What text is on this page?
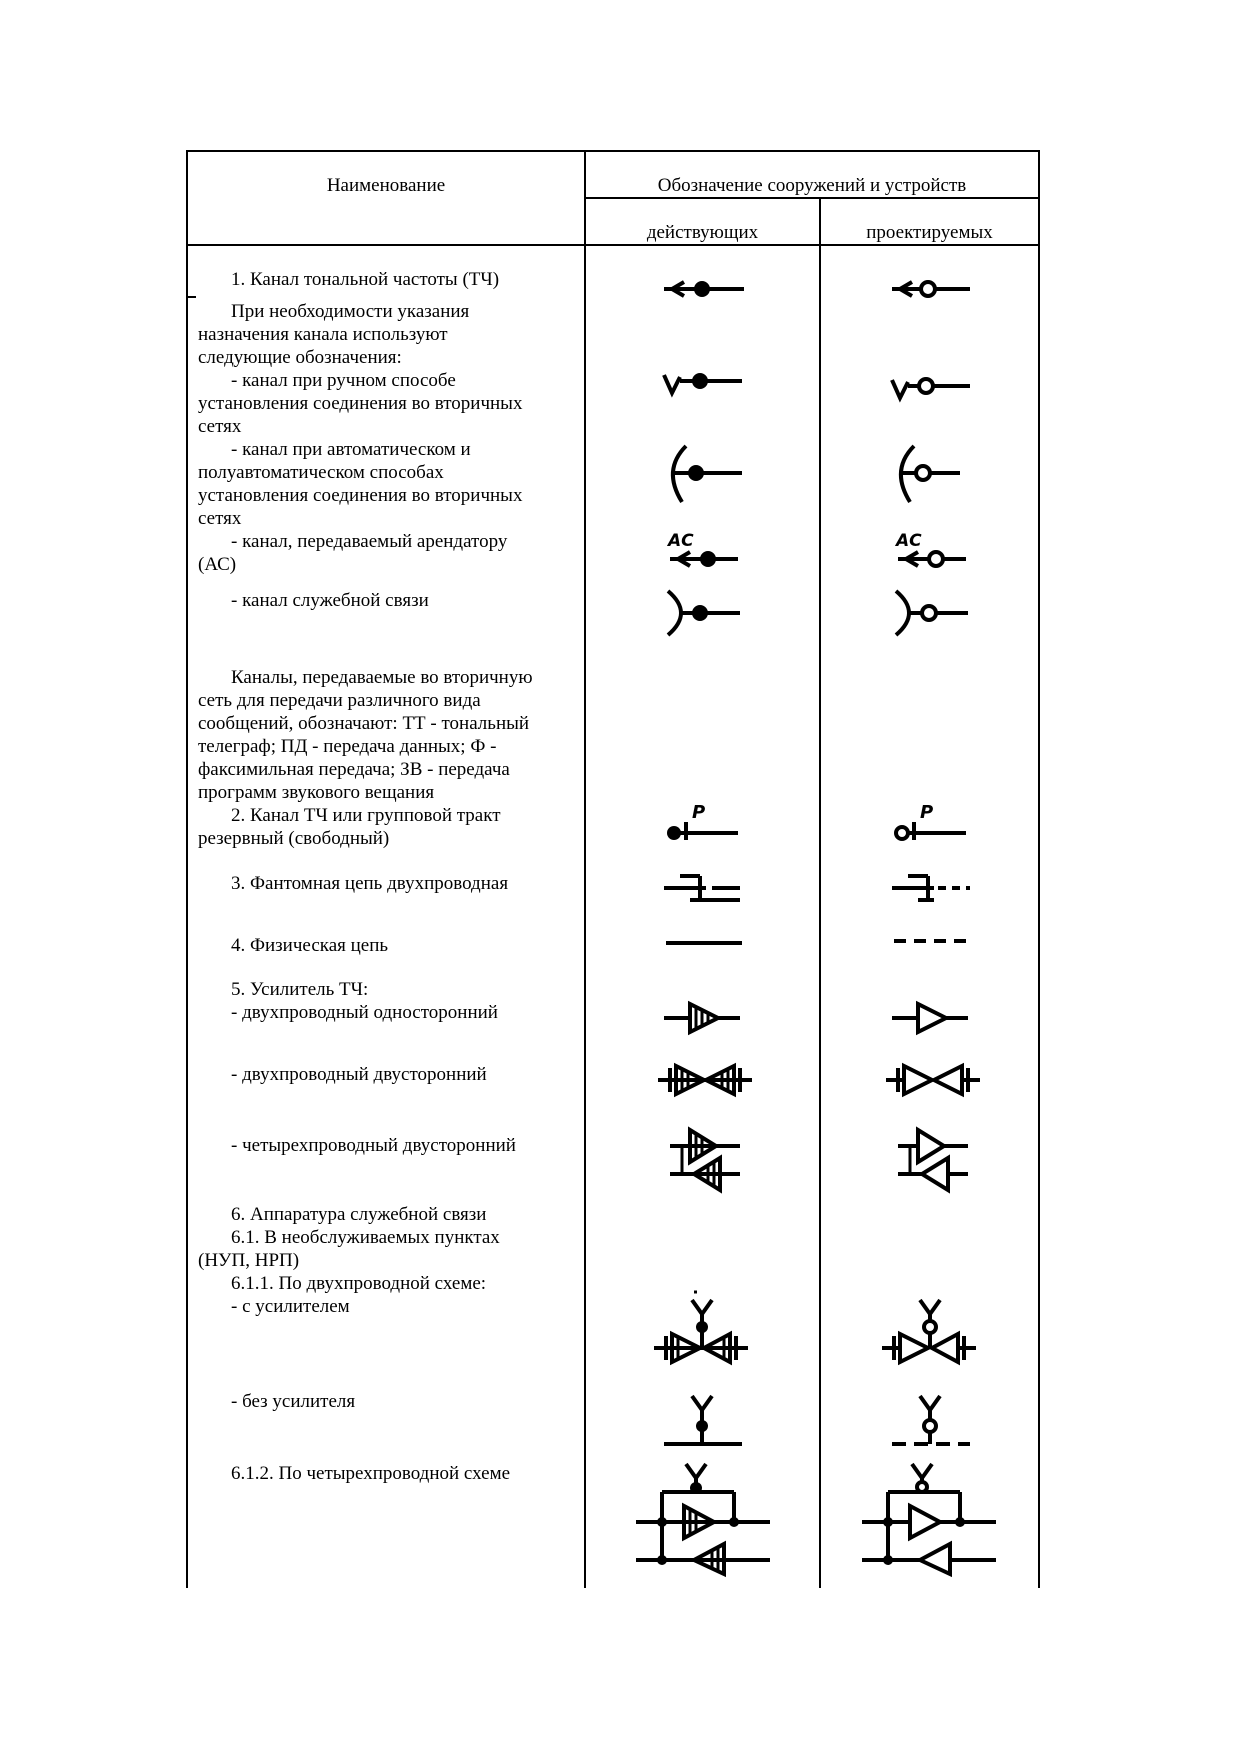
Наименование	Обозначение сооружений и устройств
действующих	проектируемых
1. Канал тональной частоты (ТЧ)
При необходимости указания
назначения канала используют
следующие обозначения:
- канал при ручном способе
установления соединения во вторичных
сетях
- канал при автоматическом и
полуавтоматическом способах
установления соединения во вторичных
сетях
- канал, передаваемый арендатору
(АС)
- канал служебной связи
Каналы, передаваемые во вторичную
сеть для передачи различного вида
сообщений, обозначают: ТТ - тональный
телеграф; ПД - передача данных; Ф -
факсимильная передача; ЗВ - передача
программ звукового вещания
2. Канал ТЧ или групповой тракт
резервный (свободный)
3. Фантомная цепь двухпроводная
4. Физическая цепь
5. Усилитель ТЧ:
- двухпроводный односторонний
- двухпроводный двусторонний
- четырехпроводный двусторонний
6. Аппаратура служебной связи
6.1. В необслуживаемых пунктах
(НУП, НРП)
6.1.1. По двухпроводной схеме:
- с усилителем
- без усилителя
6.1.2. По четырехпроводной схеме
АС
P
АС
P
